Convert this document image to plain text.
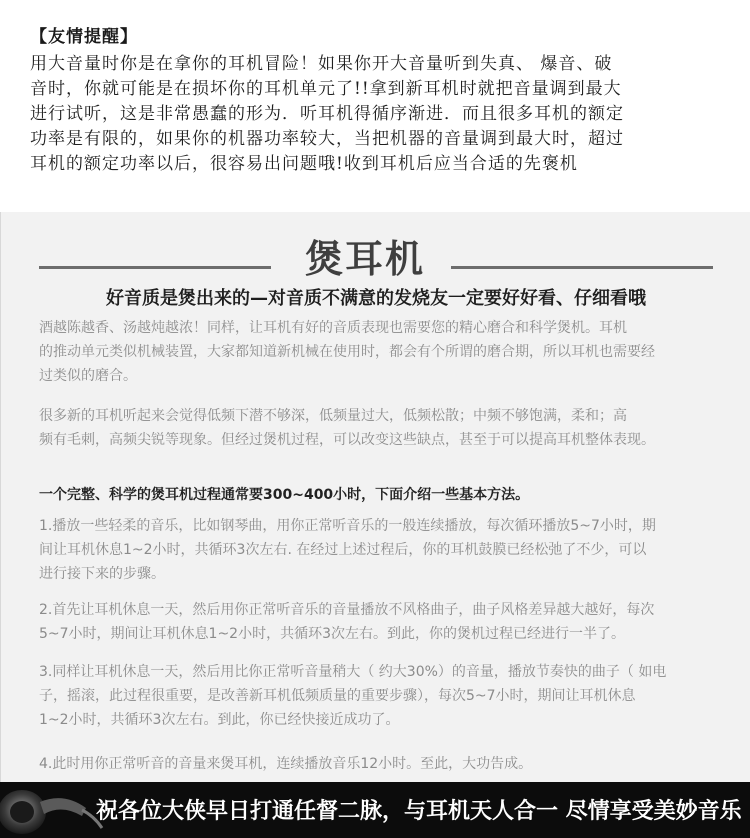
【友情提醒】

用大音量时你是在拿你的耳机冒险！如果你开大音量听到失真、 爆音、破

音时，你就可能是在损坏你的耳机单元了!!拿到新耳机时就把音量调到最大

进行试听，这是非常愚蠢的形为．听耳机得循序渐进．而且很多耳机的额定

功率是有限的，如果你的机器功率较大，当把机器的音量调到最大时，超过

耳机的额定功率以后，很容易出问题哦!收到耳机后应当合适的先褒机

煲耳机
好音质是煲出来的—对音质不满意的发烧友一定要好好看、仔细看哦
酒越陈越香、汤越炖越浓！同样，让耳机有好的音质表现也需要您的精心磨合和科学煲机。耳机
的推动单元类似机械装置，大家都知道新机械在使用时，都会有个所谓的磨合期，所以耳机也需要经
过类似的磨合。
很多新的耳机听起来会觉得低频下潜不够深，低频量过大，低频松散；中频不够饱满，柔和；高
频有毛刺，高频尖锐等现象。但经过煲机过程，可以改变这些缺点，甚至于可以提高耳机整体表现。
一个完整、科学的煲耳机过程通常要300~400小时，下面介绍一些基本方法。
1.播放一些轻柔的音乐，比如钢琴曲，用你正常听音乐的一般连续播放，每次循环播放5~7小时，期
间让耳机休息1~2小时，共循环3次左右. 在经过上述过程后，你的耳机鼓膜已经松弛了不少，可以
进行接下来的步骤。
2.首先让耳机休息一天，然后用你正常听音乐的音量播放不风格曲子，曲子风格差异越大越好，每次
5~7小时，期间让耳机休息1~2小时，共循环3次左右。到此，你的煲机过程已经进行一半了。
3.同样让耳机休息一天，然后用比你正常听音量稍大（ 约大30%）的音量，播放节奏快的曲子（ 如电
子，摇滚，此过程很重要，是改善新耳机低频质量的重要步骤），每次5~7小时，期间让耳机休息
1~2小时，共循环3次左右。到此，你已经快接近成功了。
4.此时用你正常听音的音量来煲耳机，连续播放音乐12小时。至此，大功告成。
祝各位大侠早日打通任督二脉，与耳机天人合一 尽情享受美妙音乐
